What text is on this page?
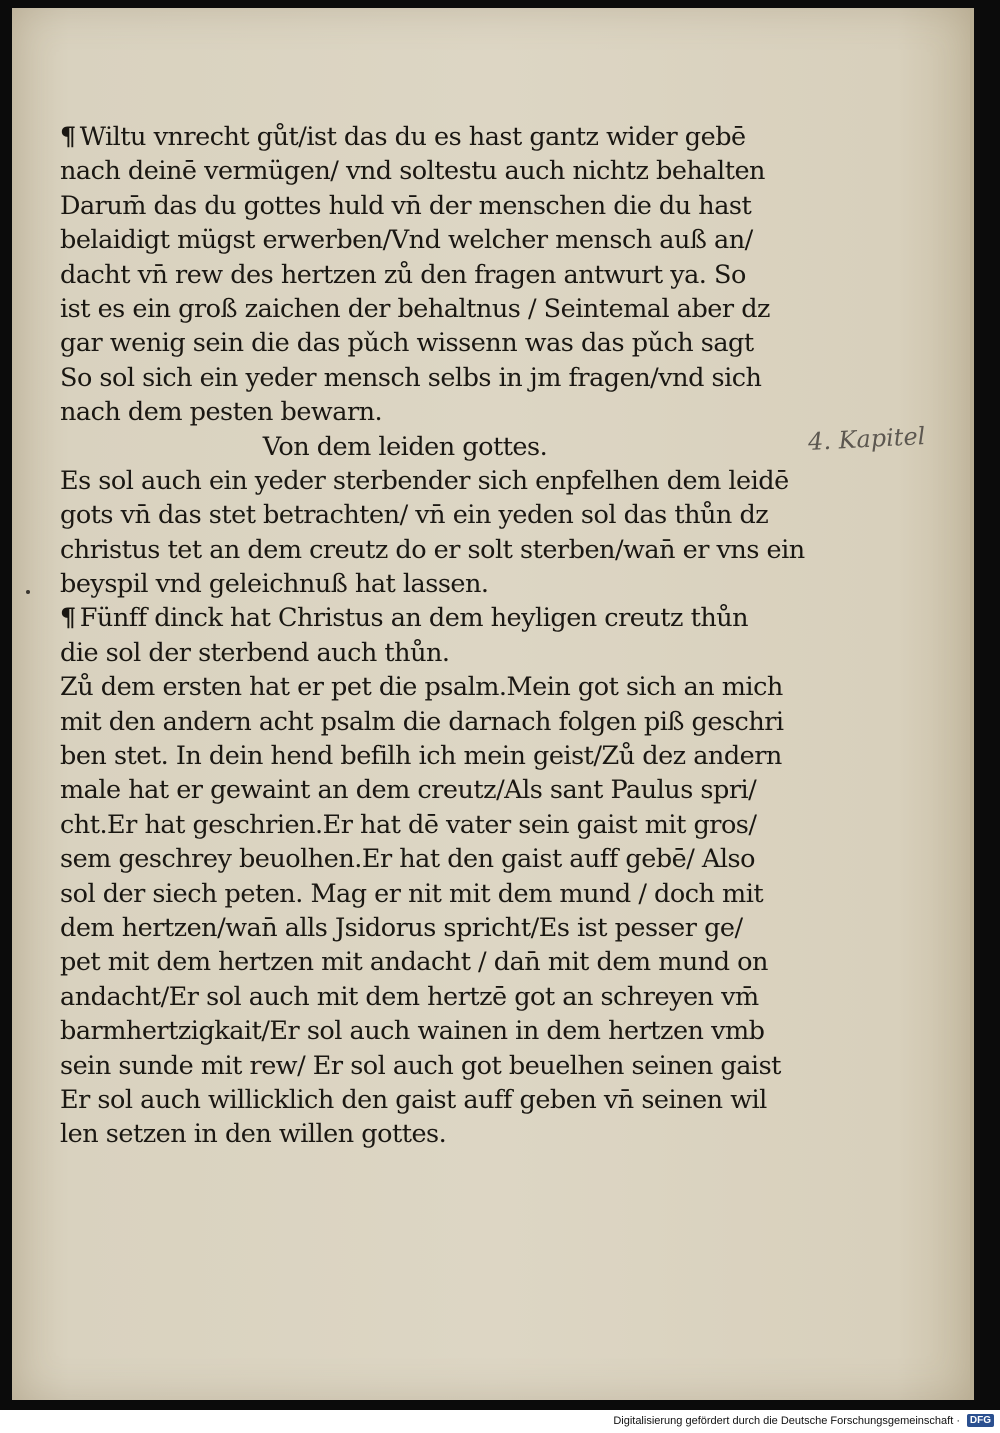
¶ Wiltu vnrecht gůt/ist das du es hast gantz wider gebē
nach deinē vermügen/ vnd soltestu auch nichtz behalten
Darum̄ das du gottes huld vn̄ der menschen die du hast
belaidigt mügst erwerben/Vnd welcher mensch auß an/
dacht vn̄ rew des hertzen zů den fragen antwurt ya. So
ist es ein groß zaichen der behaltnus / Seintemal aber dz
gar wenig sein die das pǔch wissenn was das pǔch sagt
So sol sich ein yeder mensch selbs in jm fragen/vnd sich
nach dem pesten bewarn.
Von dem leiden gottes.
Es sol auch ein yeder sterbender sich enpfelhen dem leidē
gots vn̄ das stet betrachten/ vn̄ ein yeden sol das thůn dz
christus tet an dem creutz do er solt sterben/wan̄ er vns ein
beyspil vnd geleichnuß hat lassen.
¶ Fünff dinck hat Christus an dem heyligen creutz thůn
die sol der sterbend auch thůn.
Zů dem ersten hat er pet die psalm.Mein got sich an mich
mit den andern acht psalm die darnach folgen piß geschri
ben stet. In dein hend befilh ich mein geist/Zů dez andern
male hat er gewaint an dem creutz/Als sant Paulus spri/
cht.Er hat geschrien.Er hat dē vater sein gaist mit gros/
sem geschrey beuolhen.Er hat den gaist auff gebē/ Also
sol der siech peten. Mag er nit mit dem mund / doch mit
dem hertzen/wan̄ alls Jsidorus spricht/Es ist pesser ge/
pet mit dem hertzen mit andacht / dan̄ mit dem mund on
andacht/Er sol auch mit dem hertzē got an schreyen vm̄
barmhertzigkait/Er sol auch wainen in dem hertzen vmb
sein sunde mit rew/ Er sol auch got beuelhen seinen gaist
Er sol auch willicklich den gaist auff geben vn̄ seinen wil
len setzen in den willen gottes.
4. Kapitel
Digitalisierung gefördert durch die Deutsche Forschungsgemeinschaft · DFG
